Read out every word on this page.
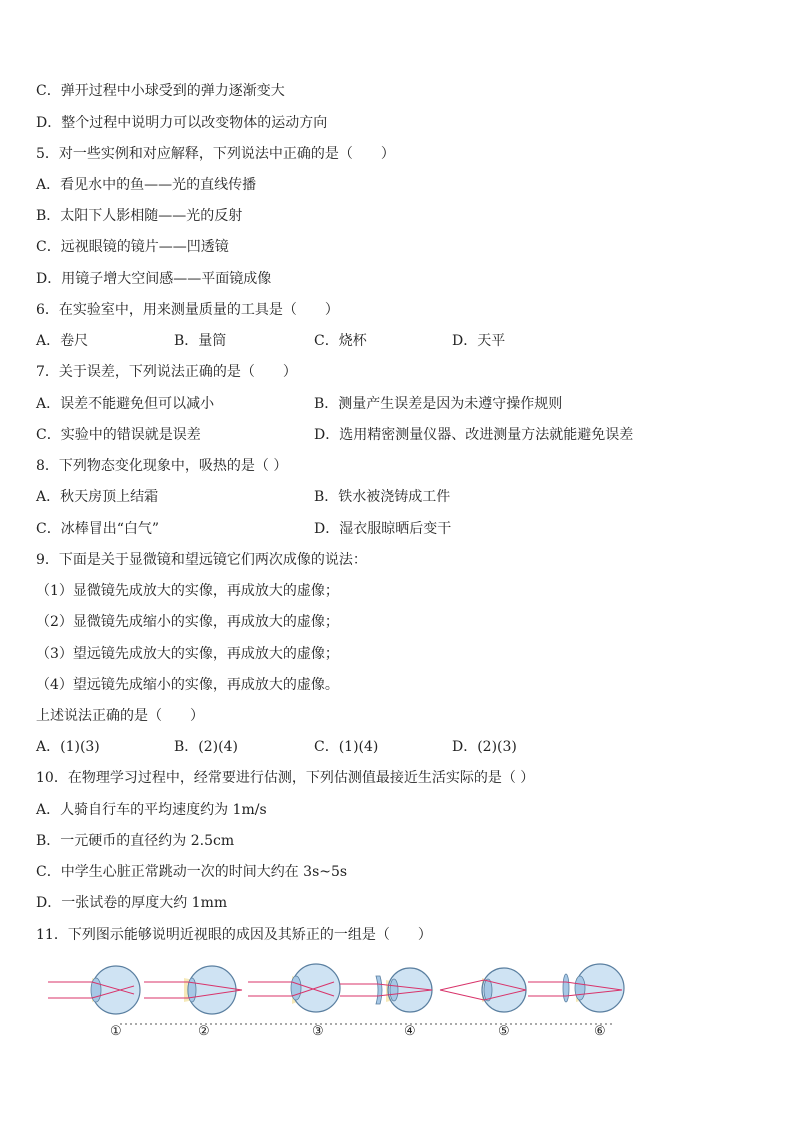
C．弹开过程中小球受到的弹力逐渐变大
D．整个过程中说明力可以改变物体的运动方向
5．对一些实例和对应解释，下列说法中正确的是（　　）
A．看见水中的鱼——光的直线传播
B．太阳下人影相随——光的反射
C．远视眼镜的镜片——凹透镜
D．用镜子增大空间感——平面镜成像
6．在实验室中，用来测量质量的工具是（　　）
A．卷尺	B．量筒	C．烧杯	D．天平
7．关于误差，下列说法正确的是（　　）
A．误差不能避免但可以减小	B．测量产生误差是因为未遵守操作规则
C．实验中的错误就是误差	D．选用精密测量仪器、改进测量方法就能避免误差
8．下列物态变化现象中，吸热的是（ ）
A．秋天房顶上结霜	B．铁水被浇铸成工件
C．冰棒冒出“白气”	D．湿衣服晾晒后变干
9．下面是关于显微镜和望远镜它们两次成像的说法：
（1）显微镜先成放大的实像，再成放大的虚像；
（2）显微镜先成缩小的实像，再成放大的虚像；
（3）望远镜先成放大的实像，再成放大的虚像；
（4）望远镜先成缩小的实像，再成放大的虚像。
上述说法正确的是（　　）
A．(1)(3)	B．(2)(4)	C．(1)(4)	D．(2)(3)
10．在物理学习过程中，经常要进行估测，下列估测值最接近生活实际的是（ ）
A．人骑自行车的平均速度约为 1m/s
B．一元硬币的直径约为 2.5cm
C．中学生心脏正常跳动一次的时间大约在 3s~5s
D．一张试卷的厚度大约 1mm
11．下列图示能够说明近视眼的成因及其矫正的一组是（　　）
①	②	③	④	⑤	⑥
